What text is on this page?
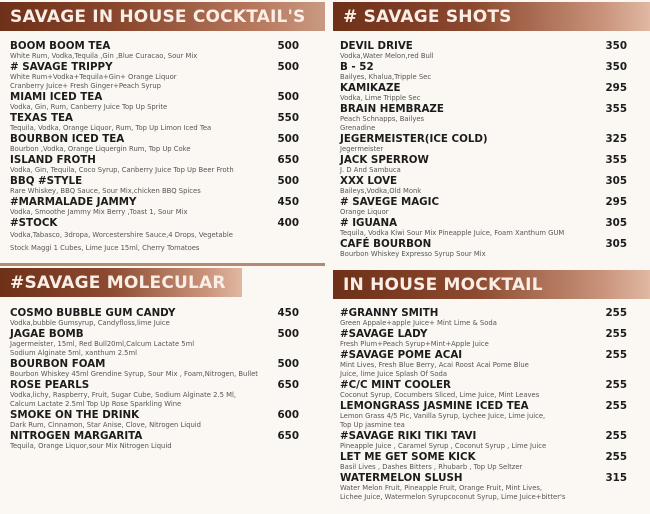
SAVAGE IN HOUSE COCKTAIL'S
BOOM BOOM TEA	500
White Rum, Vodka,Tequila ,Gin ,Blue Curacao, Sour Mix
# SAVAGE TRIPPY	500
White Rum+Vodka+Tequila+Gin+ Orange Liquor
Cranberry Juice+ Fresh Ginger+Peach Syrup
MIAMI ICED TEA	500
Vodka, Gin, Rum, Canberry Juice Top Up Sprite
TEXAS TEA	550
Tequila, Vodka, Orange Liquor, Rum, Top Up Limon Iced Tea
BOURBON ICED TEA	500
Bourbon ,Vodka, Orange Liquergin Rum, Top Up Coke
ISLAND FROTH	650
Vodka, Gin, Tequila, Coco Syrup, Canberry Juice Top Up Beer Froth
BBQ #STYLE	500
Rare Whiskey, BBQ Sauce, Sour Mix,chicken BBQ Spices
#MARMALADE JAMMY	450
Vodka, Smoothe Jammy Mix Berry ,Toast 1, Sour Mix
#STOCK	400
Vodka,Tabasco, 3dropa, Worcestershire Sauce,4 Drops, Vegetable
Stock Maggi 1 Cubes, Lime Juce 15ml, Cherry Tomatoes
# SAVAGE SHOTS
DEVIL DRIVE	350
Vodka,Water Melon,red Bull
B - 52	350
Bailyes, Khalua,Tripple Sec
KAMIKAZE	295
Vodka, Lime Tripple Sec
BRAIN HEMBRAZE	355
Peach Schnapps, Bailyes
Grenadine
JEGERMEISTER(ICE COLD)	325
Jegermeister
JACK SPERROW	355
J. D And Sambuca
XXX LOVE	305
Baileys,Vodka,Old Monk
# SAVEGE MAGIC	295
Orange Liquor
# IGUANA	305
Tequila, Vodka Kiwi Sour Mix Pineapple Juice, Foam Xanthum GUM
CAFÉ BOURBON	305
Bourbon Whiskey Expresso Syrup Sour Mix
#SAVAGE MOLECULAR
COSMO BUBBLE GUM CANDY	450
Vodka,bubble Gumsyrup, Candyfloss,lime Juice
JAGAE BOMB	500
Jagermeister, 15ml, Red Bull20ml,Calcum Lactate 5ml
Sodium Alginate 5ml, xanthum 2.5ml
BOURBON FOAM	500
Bourbon Whiskey 45ml Grendine Syrup, Sour Mix , Foam,Nitrogen, Bullet
ROSE PEARLS	650
Vodka,lichy, Raspberry, Fruit, Sugar Cube, Sodium Alginate 2.5 Ml,
Calcum Lactate 2.5ml Top Up Rose Sparkling Wine
SMOKE ON THE DRINK	600
Dark Rum, Cinnamon, Star Anise, Clove, Nitrogen Liquid
NITROGEN MARGARITA	650
Tequila, Orange Liquor,sour Mix Nitrogen Liquid
IN HOUSE MOCKTAIL
#GRANNY SMITH	255
Green Appale+apple Juice+ Mint Lime & Soda
#SAVAGE LADY	255
Fresh Plum+Peach Syrup+Mint+Apple Juice
#SAVAGE POME ACAI	255
Mint Lives, Fresh Blue Berry, Acai Roost Acai Pome Blue
Juice, lime Juice Splash Of Soda
#C/C MINT COOLER	255
Coconut Syrup, Cocumbers Sliced, Lime Juice, Mint Leaves
LEMONGRASS JASMINE ICED TEA	255
Lemon Grass 4/5 Pic, Vanilla Syrup, Lychee Juice, Lime juice,
Top Up jasmine tea
#SAVAGE RIKI TIKI TAVI	255
Pineapple Juice , Caramel Syrup , Coconut Syrup , Lime Juice
LET ME GET SOME KICK	255
Basil Lives , Dashes Bitters , Rhubarb , Top Up Seltzer
WATERMELON SLUSH	315
Water Melon Fruit, Pineapple Fruit, Orange Fruit, Mint Lives,
Lichee Juice, Watermelon Syrupcoconut Syrup, Lime Juice+bitter's
